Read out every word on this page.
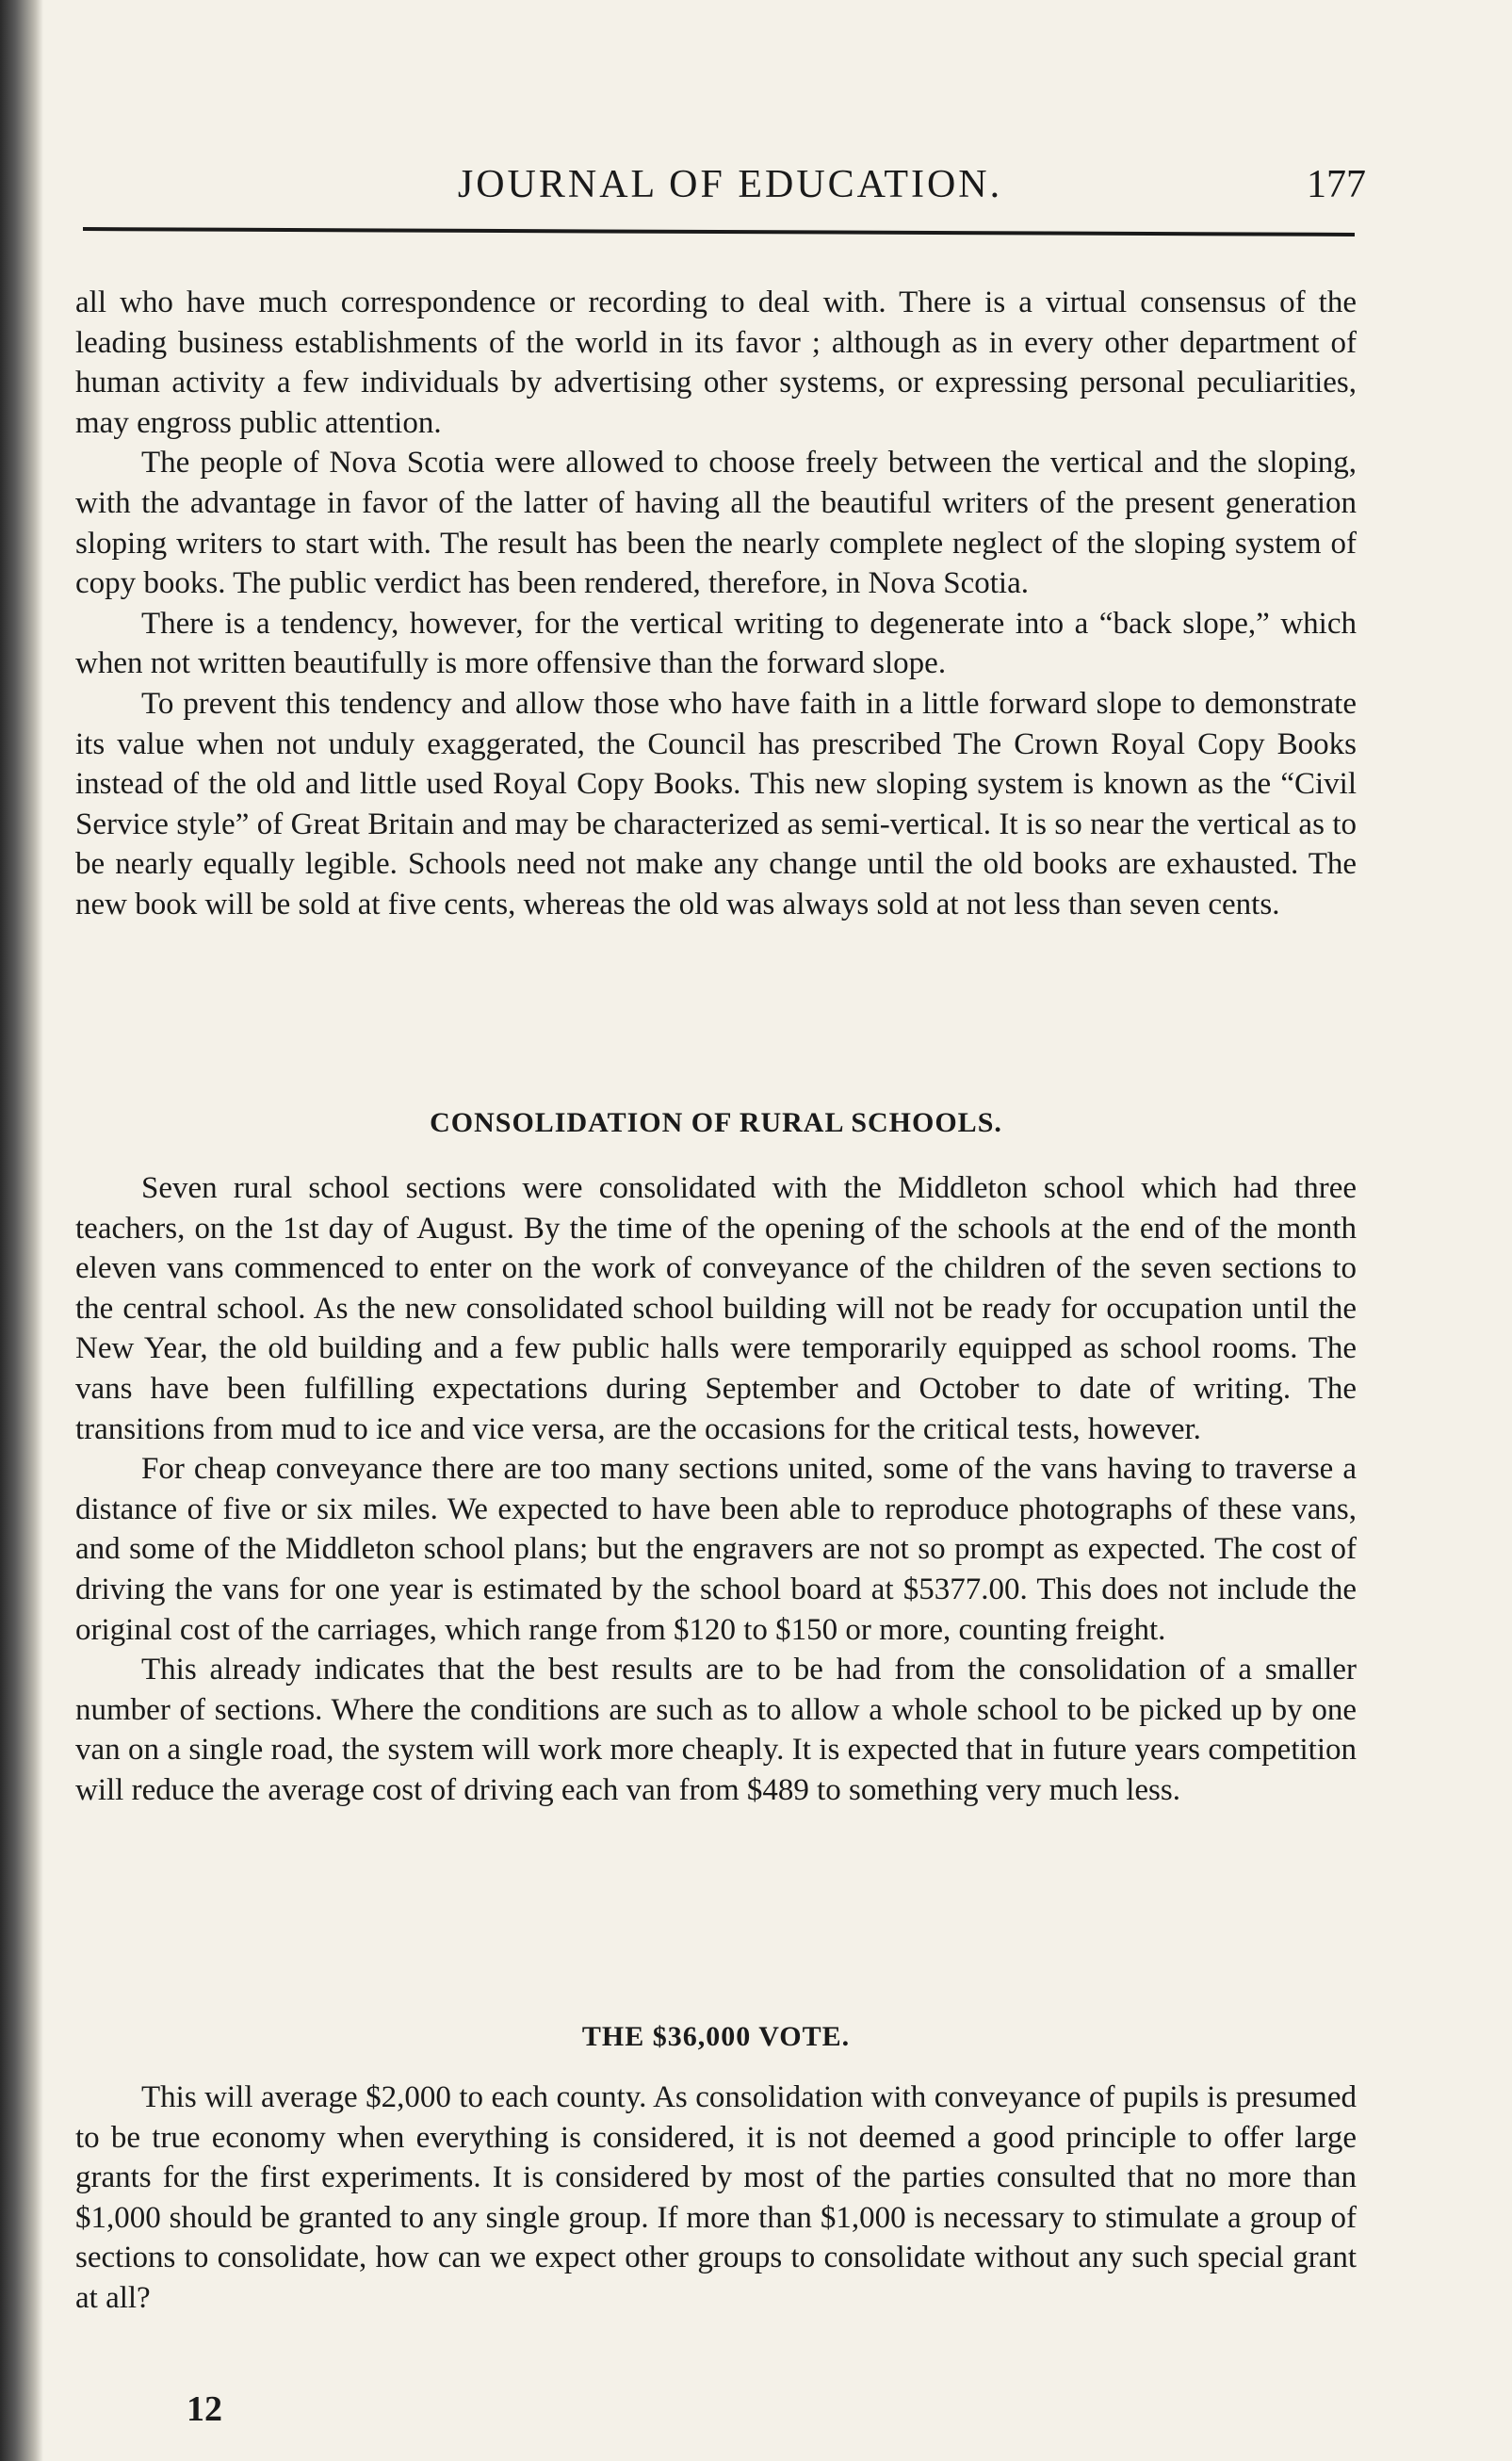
JOURNAL OF EDUCATION.	177

all who have much correspondence or recording to deal with. There is a virtual consensus of the leading business establishments of the world in its favor ; although as in every other department of human activity a few individuals by advertising other systems, or expressing personal peculiarities, may engross public attention.

The people of Nova Scotia were allowed to choose freely between the vertical and the sloping, with the advantage in favor of the latter of having all the beautiful writers of the present generation sloping writers to start with. The result has been the nearly complete neglect of the sloping system of copy books. The public verdict has been rendered, therefore, in Nova Scotia.

There is a tendency, however, for the vertical writing to degenerate into a “back slope,” which when not written beautifully is more offensive than the forward slope.

To prevent this tendency and allow those who have faith in a little forward slope to demonstrate its value when not unduly exaggerated, the Council has prescribed The Crown Royal Copy Books instead of the old and little used Royal Copy Books. This new sloping system is known as the “Civil Service style” of Great Britain and may be characterized as semi-vertical. It is so near the vertical as to be nearly equally legible. Schools need not make any change until the old books are exhausted. The new book will be sold at five cents, whereas the old was always sold at not less than seven cents.

CONSOLIDATION OF RURAL SCHOOLS.

Seven rural school sections were consolidated with the Middleton school which had three teachers, on the 1st day of August. By the time of the opening of the schools at the end of the month eleven vans commenced to enter on the work of conveyance of the children of the seven sections to the central school. As the new consolidated school building will not be ready for occupation until the New Year, the old building and a few public halls were temporarily equipped as school rooms. The vans have been fulfilling expectations during September and October to date of writing. The transitions from mud to ice and vice versa, are the occasions for the critical tests, however.

For cheap conveyance there are too many sections united, some of the vans having to traverse a distance of five or six miles. We expected to have been able to reproduce photographs of these vans, and some of the Middleton school plans; but the engravers are not so prompt as expected. The cost of driving the vans for one year is estimated by the school board at $5377.00. This does not include the original cost of the carriages, which range from $120 to $150 or more, counting freight.

This already indicates that the best results are to be had from the consolidation of a smaller number of sections. Where the conditions are such as to allow a whole school to be picked up by one van on a single road, the system will work more cheaply. It is expected that in future years competition will reduce the average cost of driving each van from $489 to something very much less.

THE $36,000 VOTE.

This will average $2,000 to each county. As consolidation with conveyance of pupils is presumed to be true economy when everything is considered, it is not deemed a good principle to offer large grants for the first experiments. It is considered by most of the parties consulted that no more than $1,000 should be granted to any single group. If more than $1,000 is necessary to stimulate a group of sections to consolidate, how can we expect other groups to consolidate without any such special grant at all?

12
